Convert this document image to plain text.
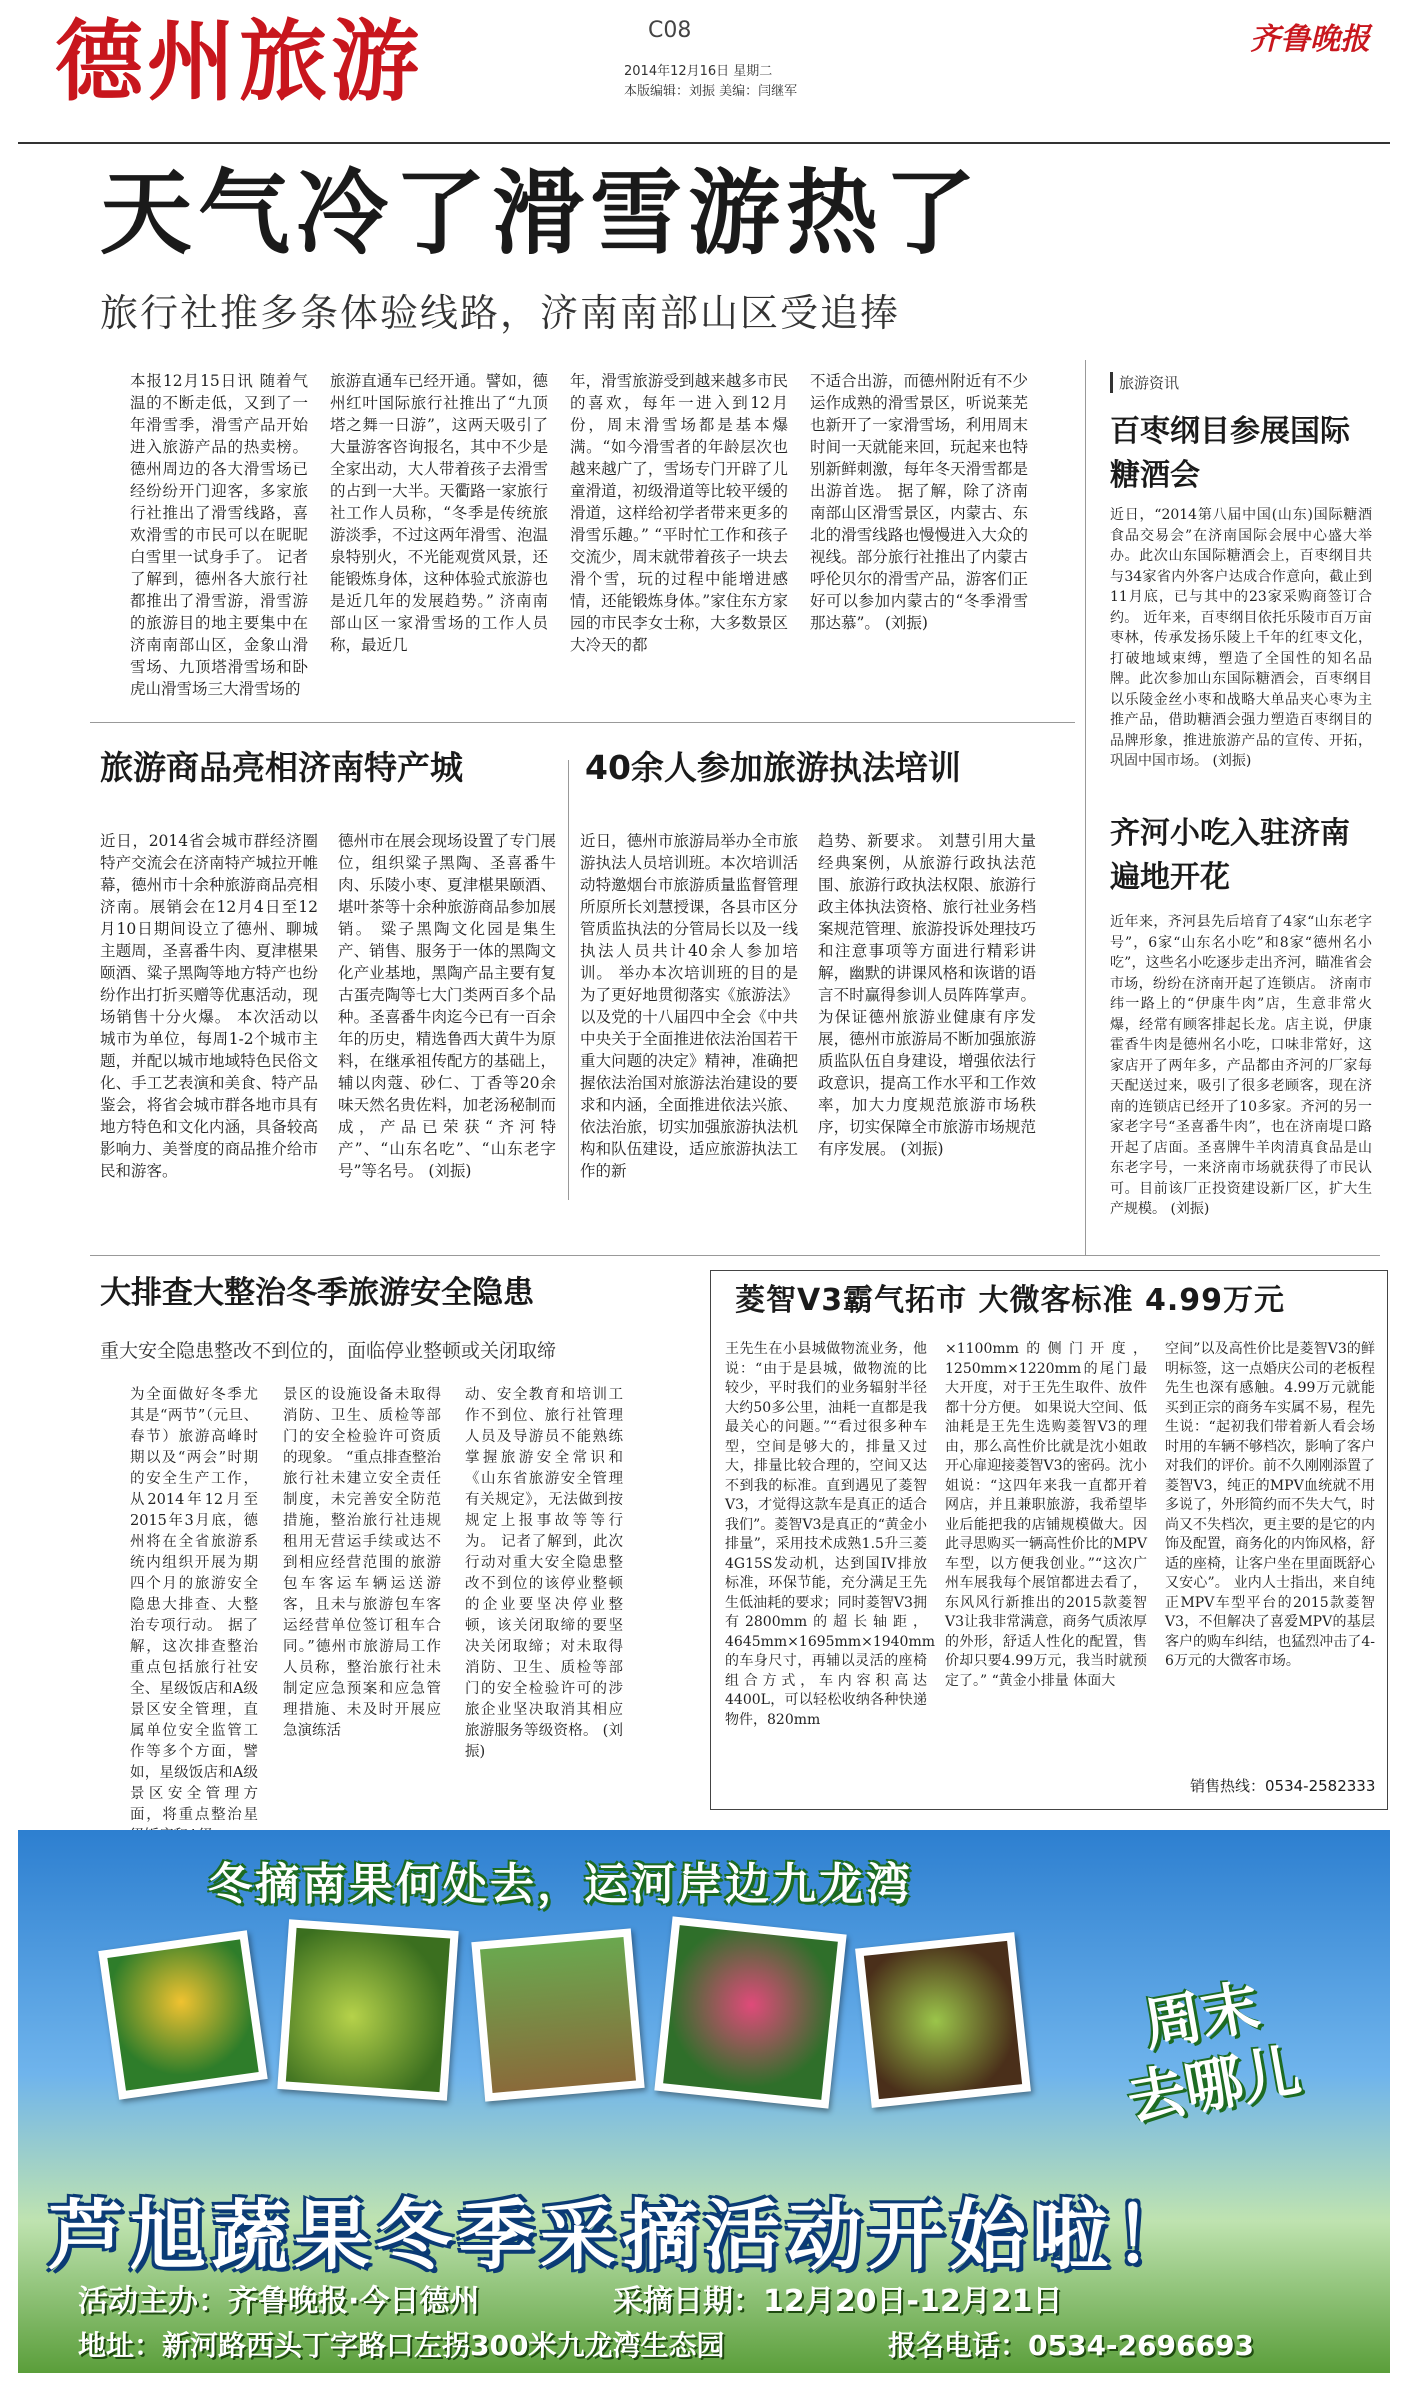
德州旅游	C08
2014年12月16日 星期二
本版编辑：刘振 美编：闫继军
齐鲁晚报
天气冷了滑雪游热了
旅行社推多条体验线路，济南南部山区受追捧
本报12月15日讯 随着气温的不断走低，又到了一年滑雪季，滑雪产品开始进入旅游产品的热卖榜。德州周边的各大滑雪场已经纷纷开门迎客，多家旅行社推出了滑雪线路，喜欢滑雪的市民可以在昵昵白雪里一试身手了。 记者了解到，德州各大旅行社都推出了滑雪游，滑雪游的旅游目的地主要集中在济南南部山区，金象山滑雪场、九顶塔滑雪场和卧虎山滑雪场三大滑雪场的
旅游直通车已经开通。譬如，德州红叶国际旅行社推出了“九顶塔之舞一日游”，这两天吸引了大量游客咨询报名，其中不少是全家出动，大人带着孩子去滑雪的占到一大半。天衢路一家旅行社工作人员称，“冬季是传统旅游淡季，不过这两年滑雪、泡温泉特别火，不光能观赏风景，还能锻炼身体，这种体验式旅游也是近几年的发展趋势。” 济南南部山区一家滑雪场的工作人员称，最近几
年，滑雪旅游受到越来越多市民的喜欢，每年一进入到12月份，周末滑雪场都是基本爆满。“如今滑雪者的年龄层次也越来越广了，雪场专门开辟了儿童滑道，初级滑道等比较平缓的滑道，这样给初学者带来更多的滑雪乐趣。” “平时忙工作和孩子交流少，周末就带着孩子一块去滑个雪，玩的过程中能增进感情，还能锻炼身体。”家住东方家园的市民李女士称，大多数景区大冷天的都
不适合出游，而德州附近有不少运作成熟的滑雪景区，听说莱芜也新开了一家滑雪场，利用周末时间一天就能来回，玩起来也特别新鲜刺激，每年冬天滑雪都是出游首选。 据了解，除了济南南部山区滑雪景区，内蒙古、东北的滑雪线路也慢慢进入大众的视线。部分旅行社推出了内蒙古呼伦贝尔的滑雪产品，游客们正好可以参加内蒙古的“冬季滑雪那达慕”。 (刘振)
旅游资讯
百枣纲目参展国际糖酒会
近日，“2014第八届中国(山东)国际糖酒食品交易会”在济南国际会展中心盛大举办。此次山东国际糖酒会上，百枣纲目共与34家省内外客户达成合作意向，截止到11月底，已与其中的23家采购商签订合约。 近年来，百枣纲目依托乐陵市百万亩枣林，传承发扬乐陵上千年的红枣文化，打破地域束缚，塑造了全国性的知名品牌。此次参加山东国际糖酒会，百枣纲目以乐陵金丝小枣和战略大单品夹心枣为主推产品，借助糖酒会强力塑造百枣纲目的品牌形象，推进旅游产品的宣传、开拓，巩固中国市场。 (刘振)
齐河小吃入驻济南遍地开花
近年来，齐河县先后培育了4家“山东老字号”，6家“山东名小吃”和8家“德州名小吃”，这些名小吃逐步走出齐河，瞄准省会市场，纷纷在济南开起了连锁店。 济南市纬一路上的“伊康牛肉”店，生意非常火爆，经常有顾客排起长龙。店主说，伊康霍香牛肉是德州名小吃，口味非常好，这家店开了两年多，产品都由齐河的厂家每天配送过来，吸引了很多老顾客，现在济南的连锁店已经开了10多家。齐河的另一家老字号“圣喜番牛肉”，也在济南堤口路开起了店面。圣喜牌牛羊肉清真食品是山东老字号，一来济南市场就获得了市民认可。目前该厂正投资建设新厂区，扩大生产规模。 (刘振)
旅游商品亮相济南特产城
近日，2014省会城市群经济圈特产交流会在济南特产城拉开帷幕，德州市十余种旅游商品亮相济南。展销会在12月4日至12月10日期间设立了德州、聊城主题周，圣喜番牛肉、夏津椹果颐酒、粱子黑陶等地方特产也纷纷作出打折买赠等优惠活动，现场销售十分火爆。 本次活动以城市为单位，每周1-2个城市主题，并配以城市地域特色民俗文化、手工艺表演和美食、特产品鉴会，将省会城市群各地市具有地方特色和文化内涵，具备较高影响力、美誉度的商品推介给市民和游客。
德州市在展会现场设置了专门展位，组织粱子黑陶、圣喜番牛肉、乐陵小枣、夏津椹果颐酒、堪叶茶等十余种旅游商品参加展销。 粱子黑陶文化园是集生产、销售、服务于一体的黑陶文化产业基地，黑陶产品主要有复古蛋壳陶等七大门类两百多个品种。圣喜番牛肉迄今已有一百余年的历史，精选鲁西大黄牛为原料，在继承祖传配方的基础上，辅以肉蔻、砂仁、丁香等20余味天然名贵佐料，加老汤秘制而成，产品已荣获“齐河特产”、“山东名吃”、“山东老字号”等名号。 (刘振)
40余人参加旅游执法培训
近日，德州市旅游局举办全市旅游执法人员培训班。本次培训活动特邀烟台市旅游质量监督管理所原所长刘慧授课，各县市区分管质监执法的分管局长以及一线执法人员共计40余人参加培训。 举办本次培训班的目的是为了更好地贯彻落实《旅游法》以及党的十八届四中全会《中共中央关于全面推进依法治国若干重大问题的决定》精神，准确把握依法治国对旅游法治建设的要求和内涵，全面推进依法兴旅、依法治旅，切实加强旅游执法机构和队伍建设，适应旅游执法工作的新
趋势、新要求。 刘慧引用大量经典案例，从旅游行政执法范围、旅游行政执法权限、旅游行政主体执法资格、旅行社业务档案规范管理、旅游投诉处理技巧和注意事项等方面进行精彩讲解，幽默的讲课风格和诙谐的语言不时赢得参训人员阵阵掌声。 为保证德州旅游业健康有序发展，德州市旅游局不断加强旅游质监队伍自身建设，增强依法行政意识，提高工作水平和工作效率，加大力度规范旅游市场秩序，切实保障全市旅游市场规范有序发展。 (刘振)
大排查大整治冬季旅游安全隐患
重大安全隐患整改不到位的，面临停业整顿或关闭取缔
为全面做好冬季尤其是“两节”（元旦、春节）旅游高峰时期以及“两会”时期的安全生产工作，从2014年12月至2015年3月底，德州将在全省旅游系统内组织开展为期四个月的旅游安全隐患大排查、大整治专项行动。 据了解，这次排查整治重点包括旅行社安全、星级饭店和A级景区安全管理，直属单位安全监管工作等多个方面，譬如，星级饭店和A级景区安全管理方面，将重点整治星
景区的设施设备未取得消防、卫生、质检等部门的安全检验许可资质的现象。 “重点排查整治旅行社未建立安全责任制度，未完善安全防范措施，整治旅行社违规租用无营运手续或达不到相应经营范围的旅游包车客运车辆运送游客，且未与旅游包车客运经营单位签订租车合同。”德州市旅游局工作人员称，整治旅行社未制定应急预案和应急管理措施、未及时开展应急演练活
动、安全教育和培训工作不到位、旅行社管理人员及导游员不能熟练掌握旅游安全常识和《山东省旅游安全管理有关规定》，无法做到按规定上报事故等等行为。 记者了解到，此次行动对重大安全隐患整改不到位的该停业整顿的企业要坚决停业整顿，该关闭取缔的要坚决关闭取缔；对未取得消防、卫生、质检等部门的安全检验许可的涉旅企业坚决取消其相应旅游服务等级资格。 (刘振)
菱智V3霸气拓市 大微客标准 4.99万元
王先生在小县城做物流业务，他说：“由于是县城，做物流的比较少，平时我们的业务辐射半径大约50多公里，油耗一直都是我最关心的问题。”“看过很多种车型，空间是够大的，排量又过大，排量比较合理的，空间又达不到我的标准。直到遇见了菱智V3，才觉得这款车是真正的适合我们”。菱智V3是真正的“黄金小排量”，采用技术成熟1.5升三菱4G15S发动机，达到国IV排放标准，环保节能，充分满足王先生低油耗的要求；同时菱智V3拥有2800mm的超长轴距，4645mm×1695mm×1940mm的车身尺寸，再辅以灵活的座椅组合方式，车内容积高达4400L，可以轻松收纳各种快递物件，820mm
×1100mm的侧门开度，1250mm×1220mm的尾门最大开度，对于王先生取件、放件都十分方便。 如果说大空间、低油耗是王先生选购菱智V3的理由，那么高性价比就是沈小姐敢开心扉迎接菱智V3的密码。沈小姐说：“这四年来我一直都开着网店，并且兼职旅游，我希望毕业后能把我的店铺规模做大。因此寻思购买一辆高性价比的MPV车型，以方便我创业。”“这次广州车展我每个展馆都进去看了，东风风行新推出的2015款菱智V3让我非常满意，商务气质浓厚的外形，舒适人性化的配置，售价却只要4.99万元，我当时就预定了。” “黄金小排量 体面大
空间”以及高性价比是菱智V3的鲜明标签，这一点婚庆公司的老板程先生也深有感触。4.99万元就能买到正宗的商务车实属不易，程先生说：“起初我们带着新人看会场时用的车辆不够档次，影响了客户对我们的评价。前不久刚刚添置了菱智V3，纯正的MPV血统就不用多说了，外形简约而不失大气，时尚又不失档次，更主要的是它的内饰及配置，商务化的内饰风格，舒适的座椅，让客户坐在里面既舒心又安心”。 业内人士指出，来自纯正MPV车型平台的2015款菱智V3，不但解决了喜爱MPV的基层客户的购车纠结，也猛烈冲击了4-6万元的大微客市场。
销售热线：0534-2582333
冬摘南果何处去，运河岸边九龙湾
周末
去哪儿
芦旭蔬果冬季采摘活动开始啦！
活动主办：齐鲁晚报·今日德州	采摘日期：12月20日-12月21日
地址：新河路西头丁字路口左拐300米九龙湾生态园	报名电话：0534-2696693
